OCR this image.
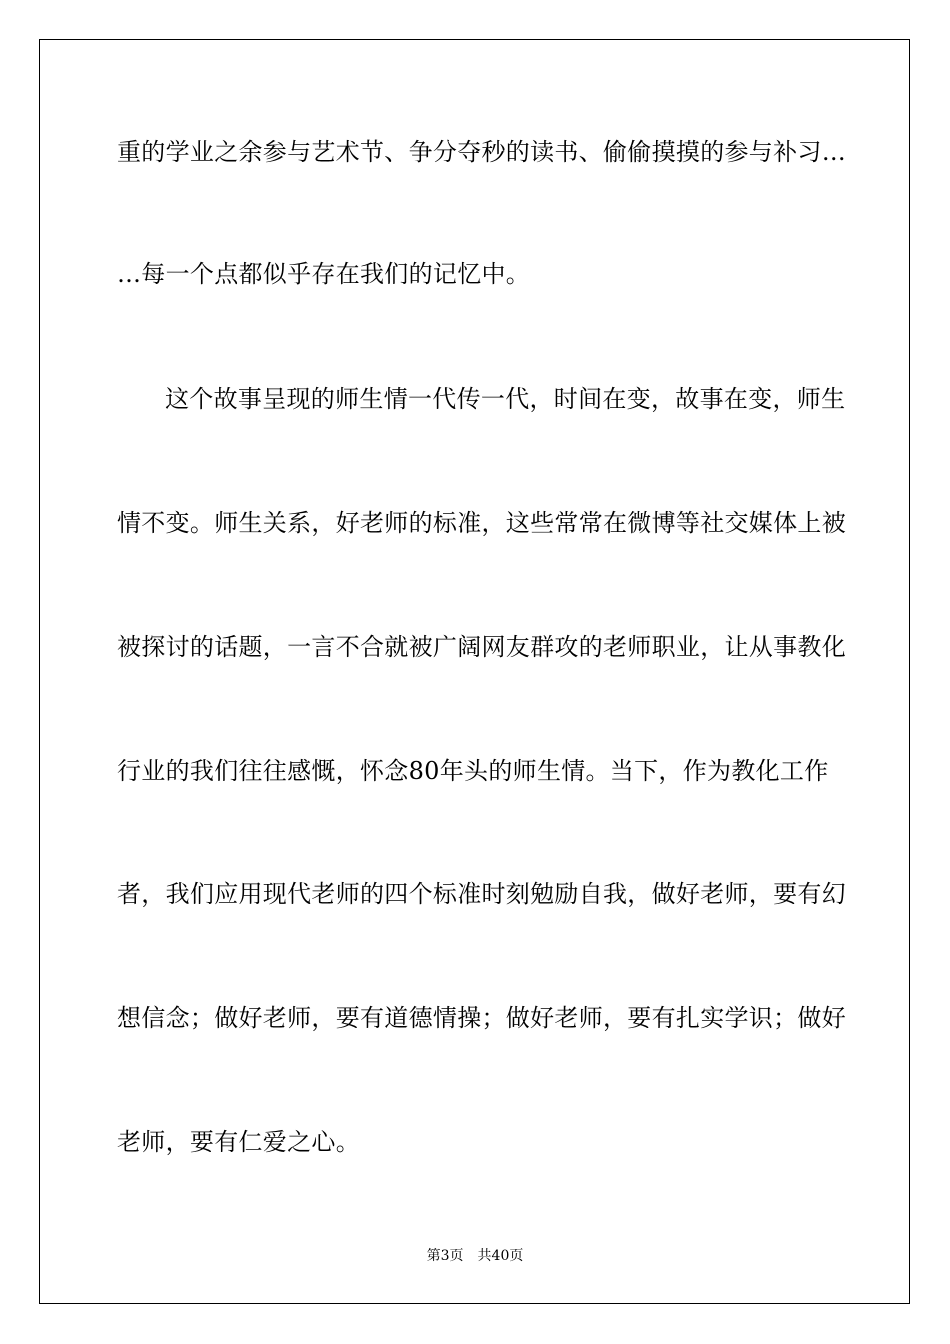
重的学业之余参与艺术节、争分夺秒的读书、偷偷摸摸的参与补习…
…每一个点都似乎存在我们的记忆中。
这个故事呈现的师生情一代传一代，时间在变，故事在变，师生
情不变。师生关系，好老师的标准，这些常常在微博等社交媒体上被
被探讨的话题，一言不合就被广阔网友群攻的老师职业，让从事教化
行业的我们往往感慨，怀念80年头的师生情。当下，作为教化工作
者，我们应用现代老师的四个标准时刻勉励自我，做好老师，要有幻
想信念；做好老师，要有道德情操；做好老师，要有扎实学识；做好
老师，要有仁爱之心。
第3页 共40页
